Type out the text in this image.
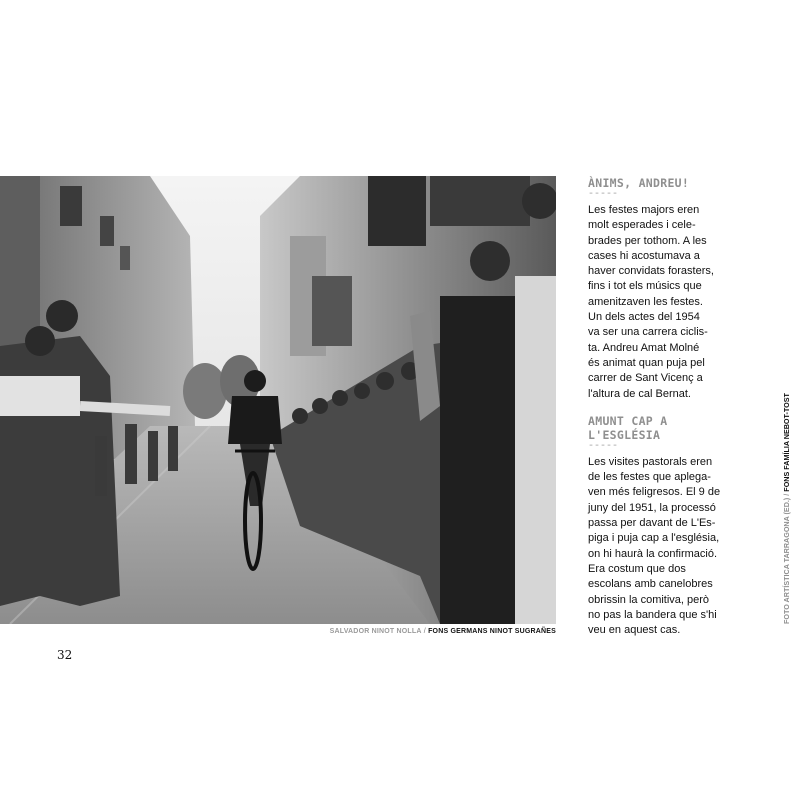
SALVADOR NINOT NOLLA / FONS GERMANS NINOT SUGRAÑES
32

ÀNIMS, ANDREU!

-----

Les festes majors eren
molt esperades i cele-
brades per tothom. A les
cases hi acostumava a
haver convidats forasters,
fins i tot els músics que
amenitzaven les festes.
Un dels actes del 1954
va ser una carrera ciclis-
ta. Andreu Amat Molné
és animat quan puja pel
carrer de Sant Vicenç a
l'altura de cal Bernat.

AMUNT CAP A

L'ESGLÉSIA

-----

Les visites pastorals eren
de les festes que aplega-
ven més feligresos. El 9 de
juny del 1951, la processó
passa per davant de L'Es-
piga i puja cap a l'església,
on hi haurà la confirmació.
Era costum que dos
escolans amb canelobres
obrissin la comitiva, però
no pas la bandera que s'hi
veu en aquest cas.
FOTO ARTÍSTICA TARRAGONA (ED.) / FONS FAMÍLIA NEBOT-TOST
